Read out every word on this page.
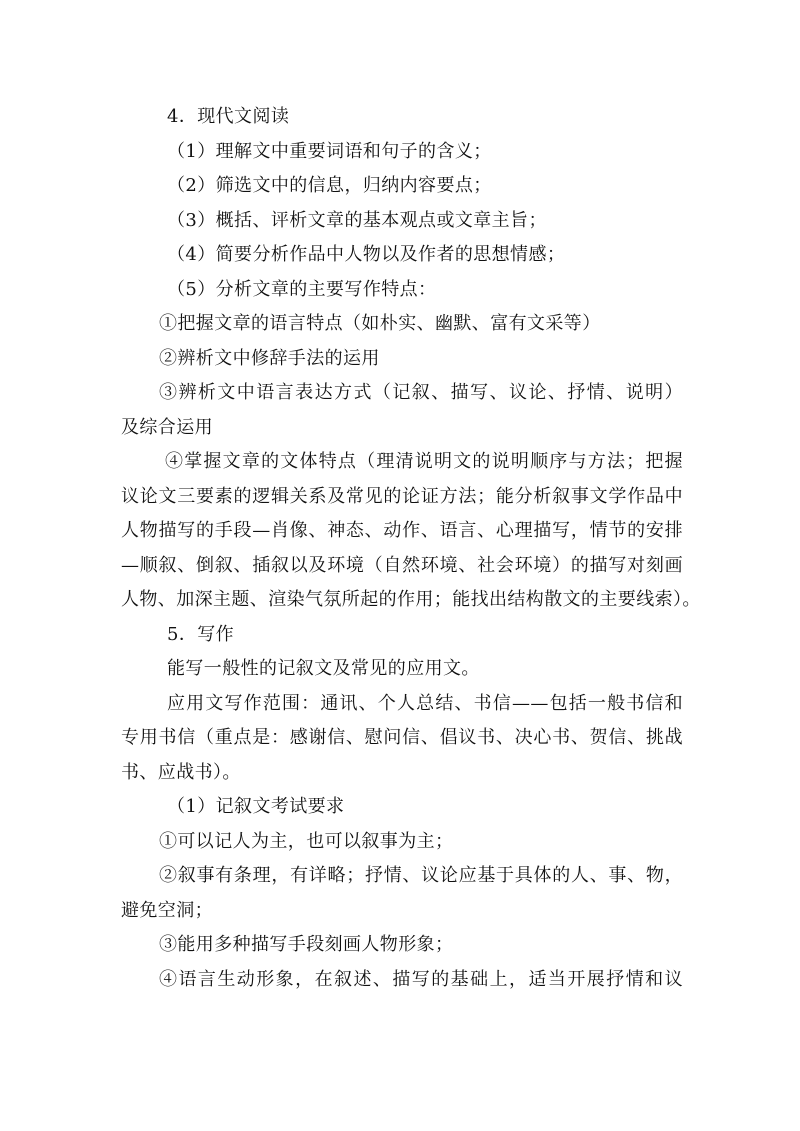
4．现代文阅读
（1）理解文中重要词语和句子的含义；
（2）筛选文中的信息，归纳内容要点；
（3）概括、评析文章的基本观点或文章主旨；
（4）简要分析作品中人物以及作者的思想情感；
（5）分析文章的主要写作特点：
①把握文章的语言特点（如朴实、幽默、富有文采等）
②辨析文中修辞手法的运用
③辨析文中语言表达方式（记叙、描写、议论、抒情、说明）
及综合运用
④掌握文章的文体特点（理清说明文的说明顺序与方法；把握
议论文三要素的逻辑关系及常见的论证方法；能分析叙事文学作品中
人物描写的手段—肖像、神态、动作、语言、心理描写，情节的安排
—顺叙、倒叙、插叙以及环境（自然环境、社会环境）的描写对刻画
人物、加深主题、渲染气氛所起的作用；能找出结构散文的主要线索）。
5．写作
能写一般性的记叙文及常见的应用文。
应用文写作范围：通讯、个人总结、书信——包括一般书信和
专用书信（重点是：感谢信、慰问信、倡议书、决心书、贺信、挑战
书、应战书）。
（1）记叙文考试要求
①可以记人为主，也可以叙事为主；
②叙事有条理，有详略；抒情、议论应基于具体的人、事、物，
避免空洞；
③能用多种描写手段刻画人物形象；
④语言生动形象，在叙述、描写的基础上，适当开展抒情和议
